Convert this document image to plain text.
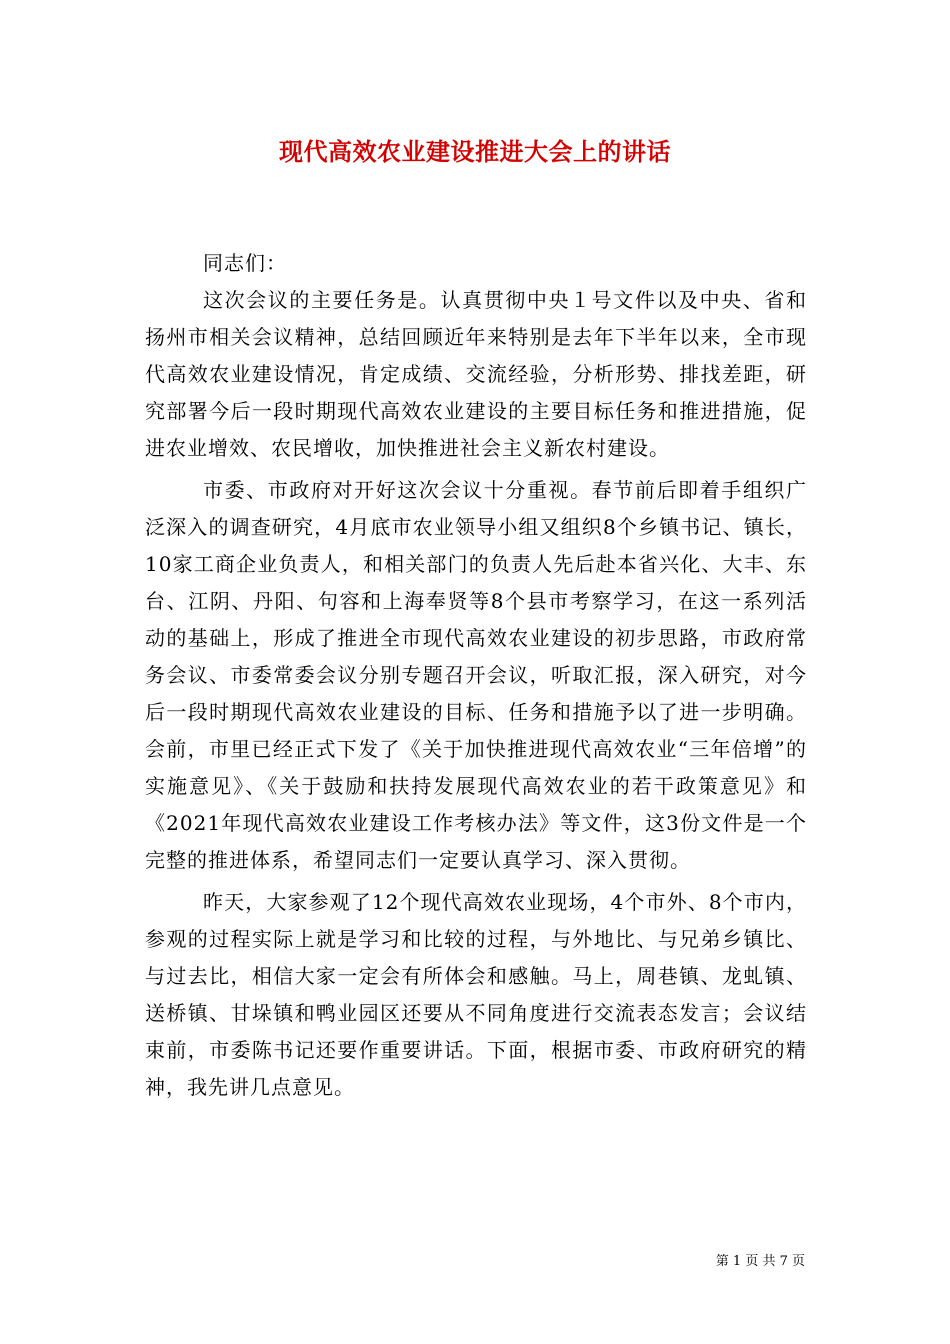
现代高效农业建设推进大会上的讲话

同志们：

这次会议的主要任务是。认真贯彻中央１号文件以及中央、省和扬州市相关会议精神，总结回顾近年来特别是去年下半年以来，全市现代高效农业建设情况，肯定成绩、交流经验，分析形势、排找差距，研究部署今后一段时期现代高效农业建设的主要目标任务和推进措施，促进农业增效、农民增收，加快推进社会主义新农村建设。

市委、市政府对开好这次会议十分重视。春节前后即着手组织广泛深入的调查研究，4月底市农业领导小组又组织8个乡镇书记、镇长，10家工商企业负责人，和相关部门的负责人先后赴本省兴化、大丰、东台、江阴、丹阳、句容和上海奉贤等8个县市考察学习，在这一系列活动的基础上，形成了推进全市现代高效农业建设的初步思路，市政府常务会议、市委常委会议分别专题召开会议，听取汇报，深入研究，对今后一段时期现代高效农业建设的目标、任务和措施予以了进一步明确。会前，市里已经正式下发了《关于加快推进现代高效农业“三年倍增”的实施意见》、《关于鼓励和扶持发展现代高效农业的若干政策意见》和《2021年现代高效农业建设工作考核办法》等文件，这3份文件是一个完整的推进体系，希望同志们一定要认真学习、深入贯彻。

昨天，大家参观了12个现代高效农业现场，4个市外、8个市内，参观的过程实际上就是学习和比较的过程，与外地比、与兄弟乡镇比、与过去比，相信大家一定会有所体会和感触。马上，周巷镇、龙虬镇、送桥镇、甘垛镇和鸭业园区还要从不同角度进行交流表态发言；会议结束前，市委陈书记还要作重要讲话。下面，根据市委、市政府研究的精神，我先讲几点意见。

第 1 页 共 7 页
